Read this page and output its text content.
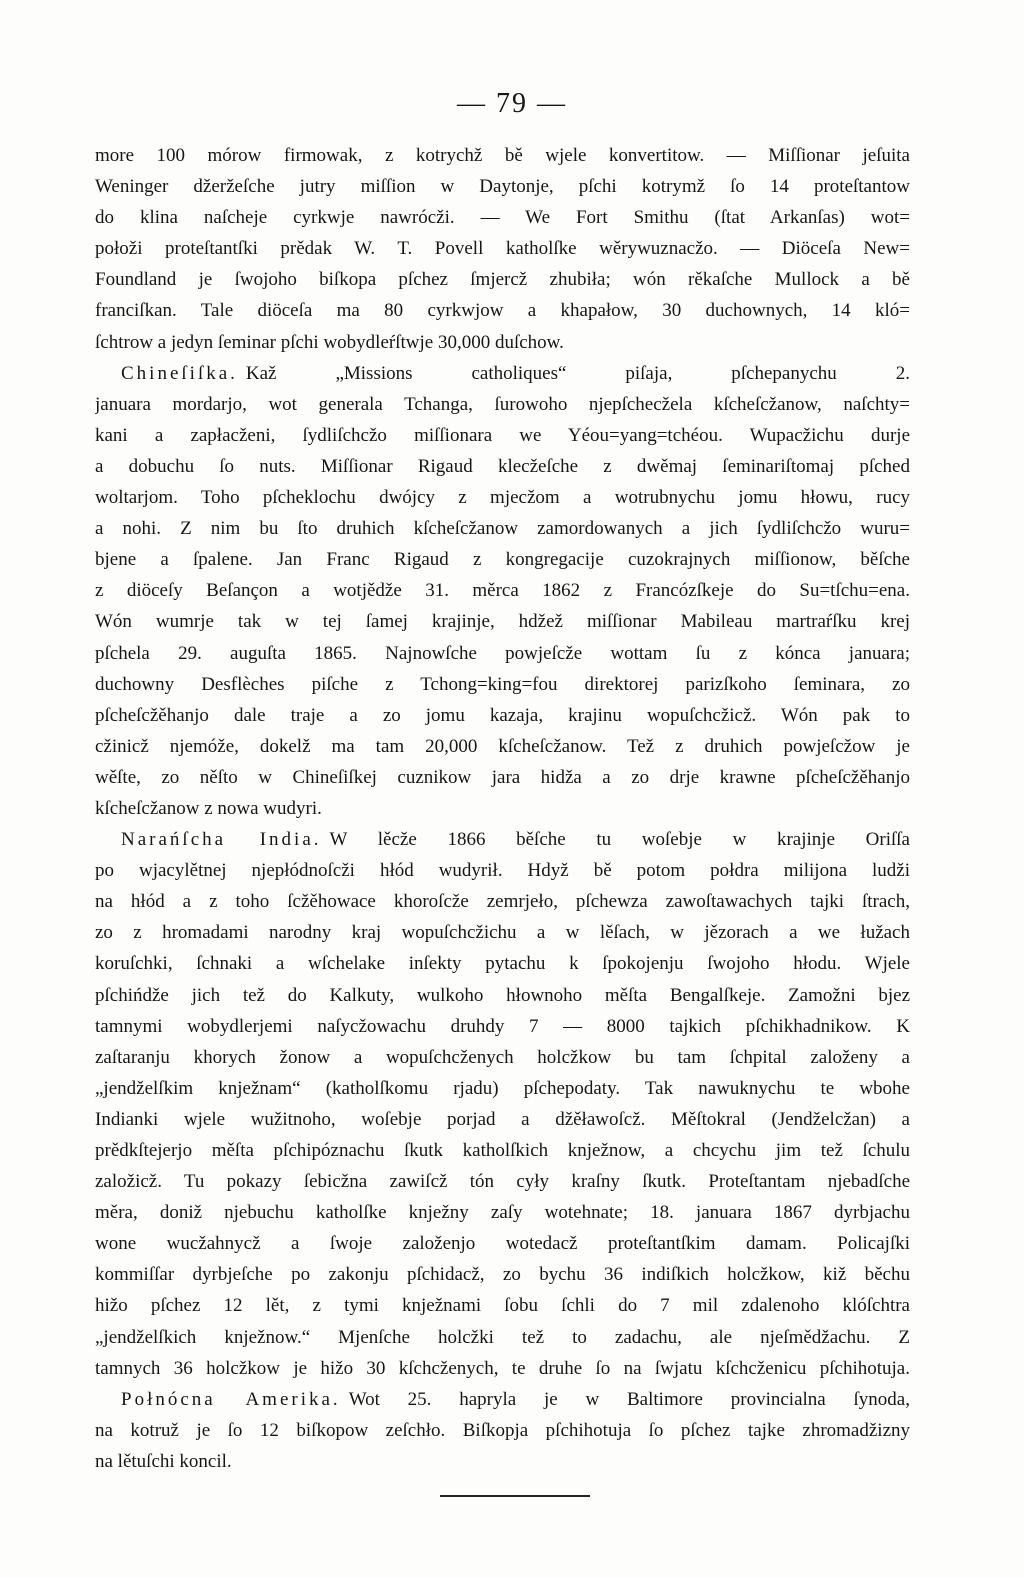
— 79 —
more 100 mórow firmowak, z kotrychž bě wjele konvertitow. — Miſſionar jeſuita
Weninger džeržeſche jutry miſſion w Daytonje, pſchi kotrymž ſo 14 proteſtantow
do klina naſcheje cyrkwje nawrócži. — We Fort Smithu (ſtat Arkanſas) wot=
połoži proteſtantſki prědak W. T. Povell katholſke wěrywuznacžo. — Diöceſa New=
Foundland je ſwojoho biſkopa pſchez ſmjercž zhubiła; wón rěkaſche Mullock a bě
franciſkan. Tale diöceſa ma 80 cyrkwjow a khapałow, 30 duchownych, 14 kló=
ſchtrow a jedyn ſeminar pſchi wobydleŕſtwje 30,000 duſchow.
Chineſiſka. Kaž „Missions catholiques“ piſaja, pſchepanychu 2.
januara mordarjo, wot generala Tchanga, ſurowoho njepſchecžela kſcheſcžanow, naſchty=
kani a zapłacženi, ſydliſchcžo miſſionara we Yéou=yang=tchéou. Wupacžichu durje
a dobuchu ſo nuts. Miſſionar Rigaud klecžeſche z dwěmaj ſeminariſtomaj pſched
woltarjom. Toho pſcheklochu dwójcy z mjecžom a wotrubnychu jomu hłowu, rucy
a nohi. Z nim bu ſto druhich kſcheſcžanow zamordowanych a jich ſydliſchcžo wuru=
bjene a ſpalene. Jan Franc Rigaud z kongregacije cuzokrajnych miſſionow, běſche
z diöceſy Beſançon a wotjědže 31. měrca 1862 z Francózſkeje do Su=tſchu=ena.
Wón wumrje tak w tej ſamej krajinje, hdžež miſſionar Mabileau martraŕſku krej
pſchela 29. auguſta 1865. Najnowſche powjeſcže wottam ſu z kónca januara;
duchowny Desflèches piſche z Tchong=king=fou direktorej parizſkoho ſeminara, zo
pſcheſcžěhanjo dale traje a zo jomu kazaja, krajinu wopuſchcžicž. Wón pak to
cžinicž njemóže, dokelž ma tam 20,000 kſcheſcžanow. Tež z druhich powjeſcžow je
wěſte, zo něſto w Chineſiſkej cuznikow jara hidža a zo drje krawne pſcheſcžěhanjo
kſcheſcžanow z nowa wudyri.
Narańſcha India. W lěcže 1866 běſche tu woſebje w krajinje Oriſſa
po wjacylětnej njepłódnoſcži hłód wudyrił. Hdyž bě potom połdra milijona ludži
na hłód a z toho ſcžěhowace khoroſcže zemrjeło, pſchewza zawoſtawachych tajki ſtrach,
zo z hromadami narodny kraj wopuſchcžichu a w lěſach, w jězorach a we łužach
koruſchki, ſchnaki a wſchelake inſekty pytachu k ſpokojenju ſwojoho hłodu. Wjele
pſchińdže jich tež do Kalkuty, wulkoho hłownoho měſta Bengalſkeje. Zamožni bjez
tamnymi wobydlerjemi naſycžowachu druhdy 7 — 8000 tajkich pſchikhadnikow. K
zaſtaranju khorych žonow a wopuſchcženych holcžkow bu tam ſchpital založeny a
„jendželſkim knježnam“ (katholſkomu rjadu) pſchepodaty. Tak nawuknychu te wbohe
Indianki wjele wužitnoho, woſebje porjad a džěławoſcž. Měſtokral (Jendželcžan) a
prědkſtejerjo měſta pſchipóznachu ſkutk katholſkich knježnow, a chcychu jim tež ſchulu
založicž. Tu pokazy ſebicžna zawiſcž tón cyły kraſny ſkutk. Proteſtantam njebadſche
měra, doniž njebuchu katholſke knježny zaſy wotehnate; 18. januara 1867 dyrbjachu
wone wucžahnycž a ſwoje založenjo wotedacž proteſtantſkim damam. Policajſki
kommiſſar dyrbjeſche po zakonju pſchidacž, zo bychu 36 indiſkich holcžkow, kiž běchu
hižo pſchez 12 lět, z tymi knježnami ſobu ſchli do 7 mil zdalenoho klóſchtra
„jendželſkich knježnow.“ Mjenſche holcžki tež to zadachu, ale njeſmědžachu. Z
tamnych 36 holcžkow je hižo 30 kſchcženych, te druhe ſo na ſwjatu kſchcženicu pſchihotuja.
Połnócna Amerika. Wot 25. hapryla je w Baltimore provincialna ſynoda,
na kotruž je ſo 12 biſkopow zeſchło. Biſkopja pſchihotuja ſo pſchez tajke zhromadžizny
na lětuſchi koncil.
